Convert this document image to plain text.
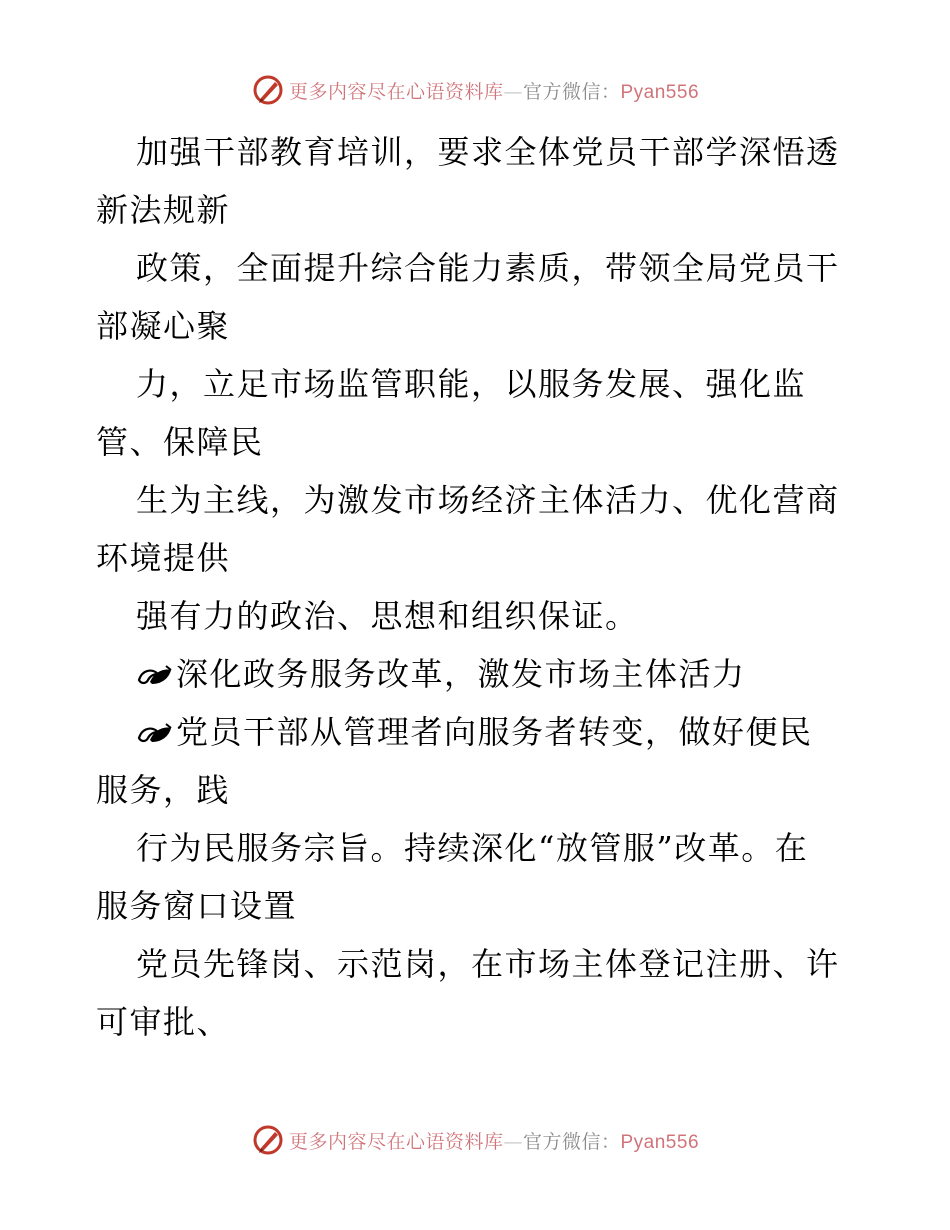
更多内容尽在心语资料库—官方微信：Pyan556

加强干部教育培训，要求全体党员干部学深悟透
新法规新

政策，全面提升综合能力素质，带领全局党员干
部凝心聚

力，立足市场监管职能，以服务发展、强化监
管、保障民

生为主线，为激发市场经济主体活力、优化营商
环境提供

强有力的政治、思想和组织保证。

深化政务服务改革，激发市场主体活力

党员干部从管理者向服务者转变，做好便民
服务，践

行为民服务宗旨。持续深化“放管服”改革。在
服务窗口设置

党员先锋岗、示范岗，在市场主体登记注册、许
可审批、

更多内容尽在心语资料库—官方微信：Pyan556
